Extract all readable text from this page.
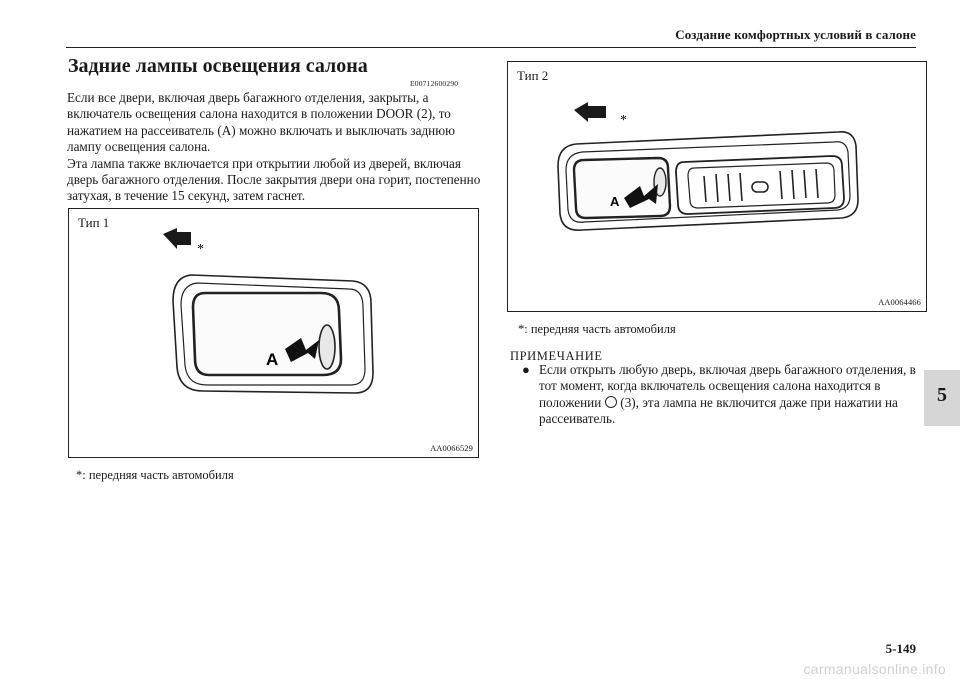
Создание комфортных условий в салоне
Задние лампы освещения салона
E00712600290

Если все двери, включая дверь багажного отделения, закрыты, а включатель освещения салона находится в положении DOOR (2), то нажатием на рассеиватель (A) можно включать и выключать заднюю лампу освещения салона.

Эта лампа также включается при открытии любой из дверей, включая дверь багажного отделения. После закрытия двери она горит, постепенно затухая, в течение 15 секунд, затем гаснет.

*
A
Тип 1
AA0066529
*: передняя часть автомобиля
*
A
Тип 2
AA0064466
*: передняя часть автомобиля
ПРИМЕЧАНИЕ
● Если открыть любую дверь, включая дверь багажного отделения, в тот момент, когда включатель освещения салона находится в положении (3), эта лампа не включится даже при нажатии на рассеиватель.
5
5-149
carmanualsonline.info
